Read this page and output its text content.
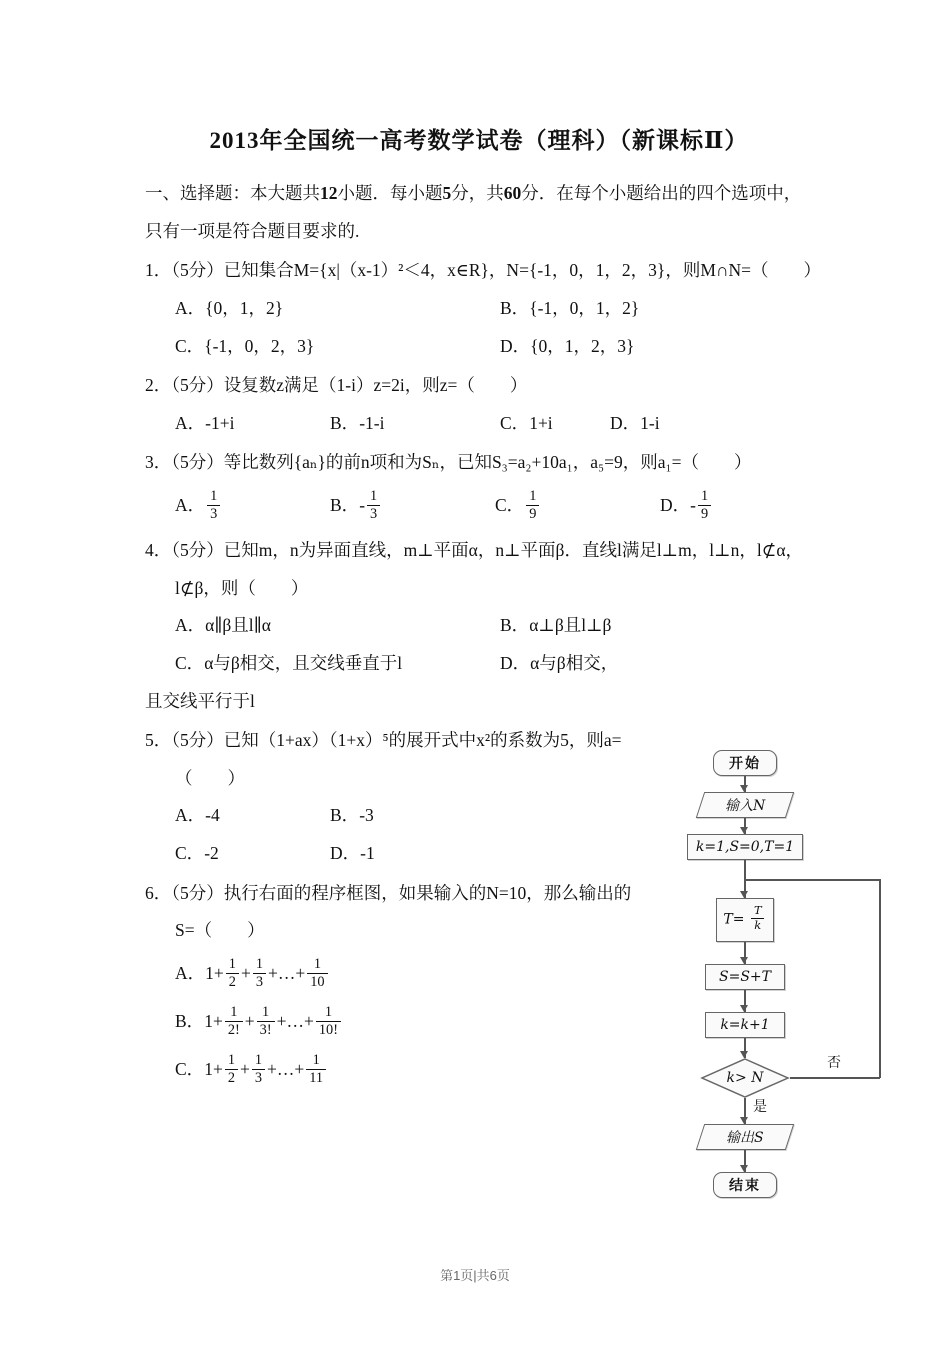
2013年全国统一高考数学试卷（理科）（新课标Ⅱ）

一、选择题：本大题共12小题．每小题5分，共60分．在每个小题给出的四个选项中，只有一项是符合题目要求的.

1．（5分）已知集合M={x|（x-1）²＜4，x∈R}，N={-1，0，1，2，3}，则M∩N=（　　）

A． {0，1，2}	B． {-1，0，1，2}
C． {-1，0，2，3}	D． {0，1，2，3}

2．（5分）设复数z满足（1-i）z=2i，则z=（　　）

A． -1+i	B． -1-i	C． 1+i	D． 1-i

3．（5分）等比数列{aₙ}的前n项和为Sₙ，已知S₃=a₂+10a₁，a₅=9，则a₁=（　　）

A． $\frac{1}{3}$	B． - $\frac{1}{3}$	C． $\frac{1}{9}$	D． - $\frac{1}{9}$

4．（5分）已知m，n为异面直线，m⊥平面α，n⊥平面β．直线l满足l⊥m，l⊥n，l⊄α，l⊄β，则（　　）

A． α∥β且l∥α	B． α⊥β且l⊥β
C． α与β相交，且交线垂直于l	D． α与β相交，

且交线平行于l

5．（5分）已知（1+ax）（1+x）⁵的展开式中x²的系数为5，则a=（　　）

A． -4	B． -3
C． -2	D． -1

6．（5分）执行右面的程序框图，如果输入的N=10，那么输出的S=（　　）

A． $1+ \frac{1}{2} + \frac{1}{3}$ +…+ $\frac{1}{10}$
B． $1+ \frac{1}{2!} + \frac{1}{3!}$ +…+ $\frac{1}{10!}$
C． $1+ \frac{1}{2} + \frac{1}{3}$ +…+ $\frac{1}{11}$
开始
输入N
k=1,S=0,T=1
$T= \frac{T}{k}$
S=S+T
k=k+1
k> N
否
是
输出S
结束
第1页|共6页
